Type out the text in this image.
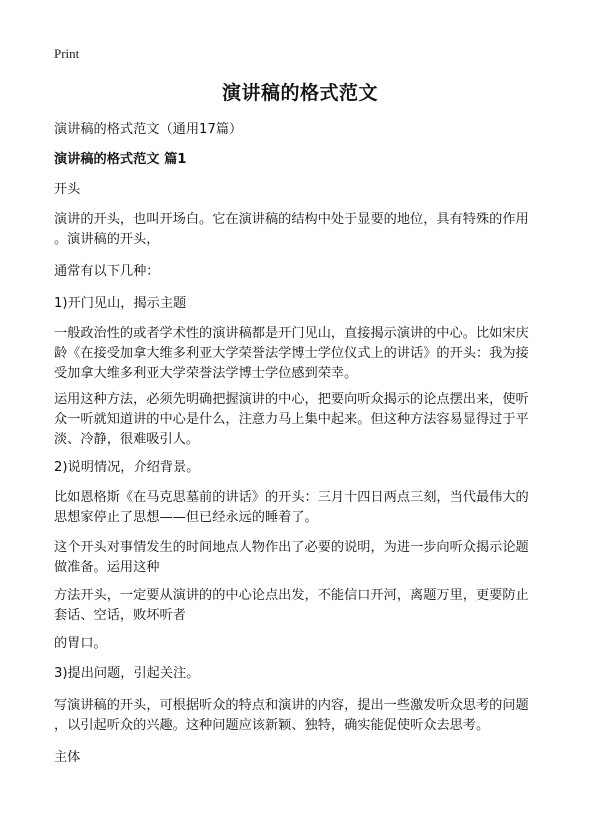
Print
演讲稿的格式范文
演讲稿的格式范文（通用17篇）
演讲稿的格式范文 篇1
开头
演讲的开头，也叫开场白。它在演讲稿的结构中处于显要的地位，具有特殊的作用
。演讲稿的开头，
通常有以下几种：
1)开门见山，揭示主题
一般政治性的或者学术性的演讲稿都是开门见山，直接揭示演讲的中心。比如宋庆
龄《在接受加拿大维多利亚大学荣誉法学博士学位仪式上的讲话》的开头：我为接
受加拿大维多利亚大学荣誉法学博士学位感到荣幸。
运用这种方法，必须先明确把握演讲的中心，把要向听众揭示的论点摆出来，使听
众一听就知道讲的中心是什么，注意力马上集中起来。但这种方法容易显得过于平
淡、冷静，很难吸引人。
2)说明情况，介绍背景。
比如恩格斯《在马克思墓前的讲话》的开头：三月十四日两点三刻，当代最伟大的
思想家停止了思想——但已经永远的睡着了。
这个开头对事情发生的时间地点人物作出了必要的说明，为进一步向听众揭示论题
做准备。运用这种
方法开头，一定要从演讲的的中心论点出发，不能信口开河，离题万里，更要防止
套话、空话，败坏听者
的胃口。
3)提出问题，引起关注。
写演讲稿的开头，可根据听众的特点和演讲的内容，提出一些激发听众思考的问题
，以引起听众的兴趣。这种问题应该新颖、独特，确实能促使听众去思考。
主体
